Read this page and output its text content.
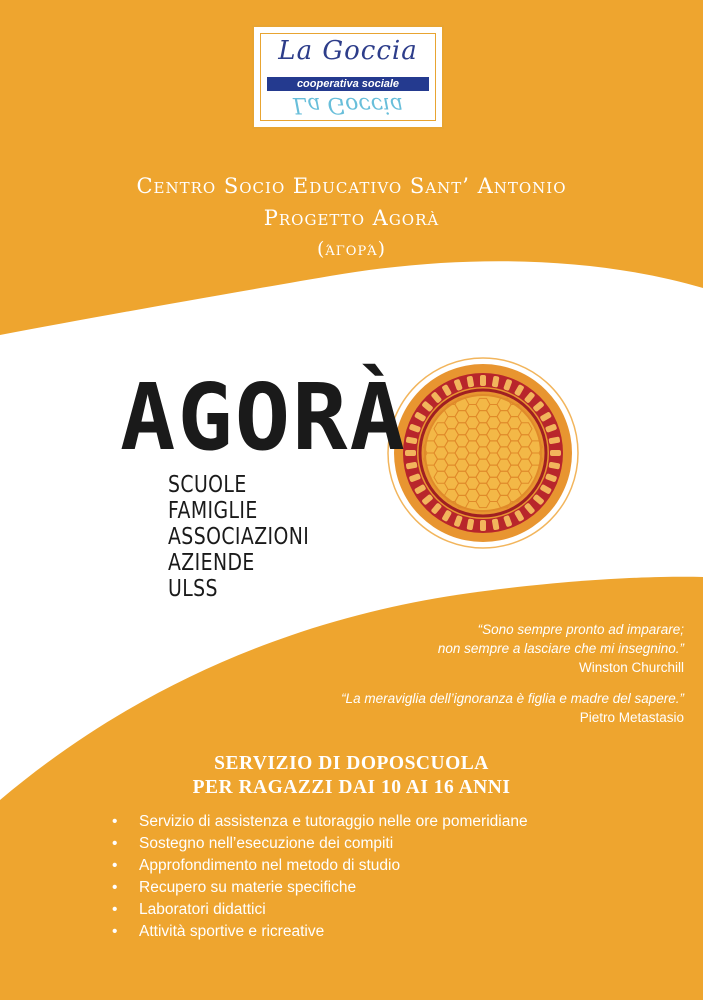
La Goccia
cooperativa sociale
La Goccia

Centro Socio Educativo Sant’ Antonio

Progetto Agorà

(άγορά)

AGORÀ
SCUOLE
FAMIGLIE
ASSOCIAZIONI
AZIENDE
ULSS

“Sono sempre pronto ad imparare;

non sempre a lasciare che mi insegnino.”

Winston Churchill

“La meraviglia dell’ignoranza è figlia e madre del sapere.”

Pietro Metastasio

SERVIZIO DI DOPOSCUOLA

PER RAGAZZI DAI 10 AI 16 ANNI

• Servizio di assistenza e tutoraggio nelle ore pomeridiane
• Sostegno nell’esecuzione dei compiti
• Approfondimento nel metodo di studio
• Recupero su materie specifiche
• Laboratori didattici
• Attività sportive e ricreative
